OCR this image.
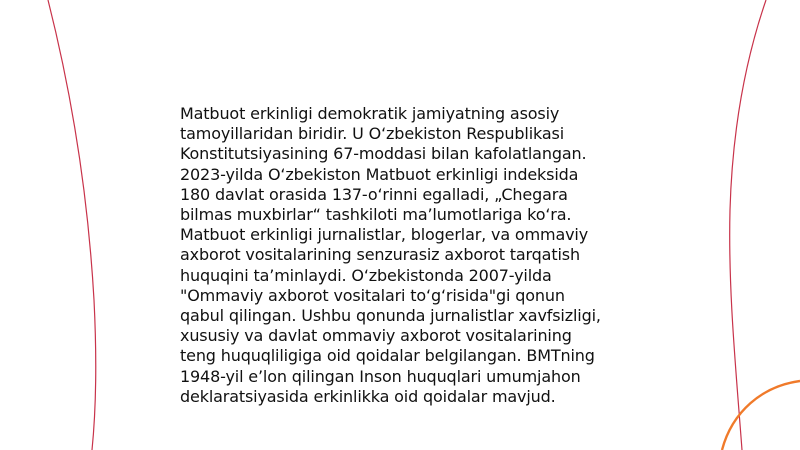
Matbuot erkinligi demokratik jamiyatning asosiy
tamoyillaridan biridir. U O‘zbekiston Respublikasi
Konstitutsiyasining 67-moddasi bilan kafolatlangan.
2023-yilda O‘zbekiston Matbuot erkinligi indeksida
180 davlat orasida 137-o‘rinni egalladi, „Chegara
bilmas muxbirlar“ tashkiloti ma’lumotlariga ko‘ra.
Matbuot erkinligi jurnalistlar, blogerlar, va ommaviy
axborot vositalarining senzurasiz axborot tarqatish
huquqini ta’minlaydi. O‘zbekistonda 2007-yilda
"Ommaviy axborot vositalari to‘g‘risida"gi qonun
qabul qilingan. Ushbu qonunda jurnalistlar xavfsizligi,
xususiy va davlat ommaviy axborot vositalarining
teng huquqliligiga oid qoidalar belgilangan. BMTning
1948-yil e’lon qilingan Inson huquqlari umumjahon
deklaratsiyasida erkinlikka oid qoidalar mavjud.
